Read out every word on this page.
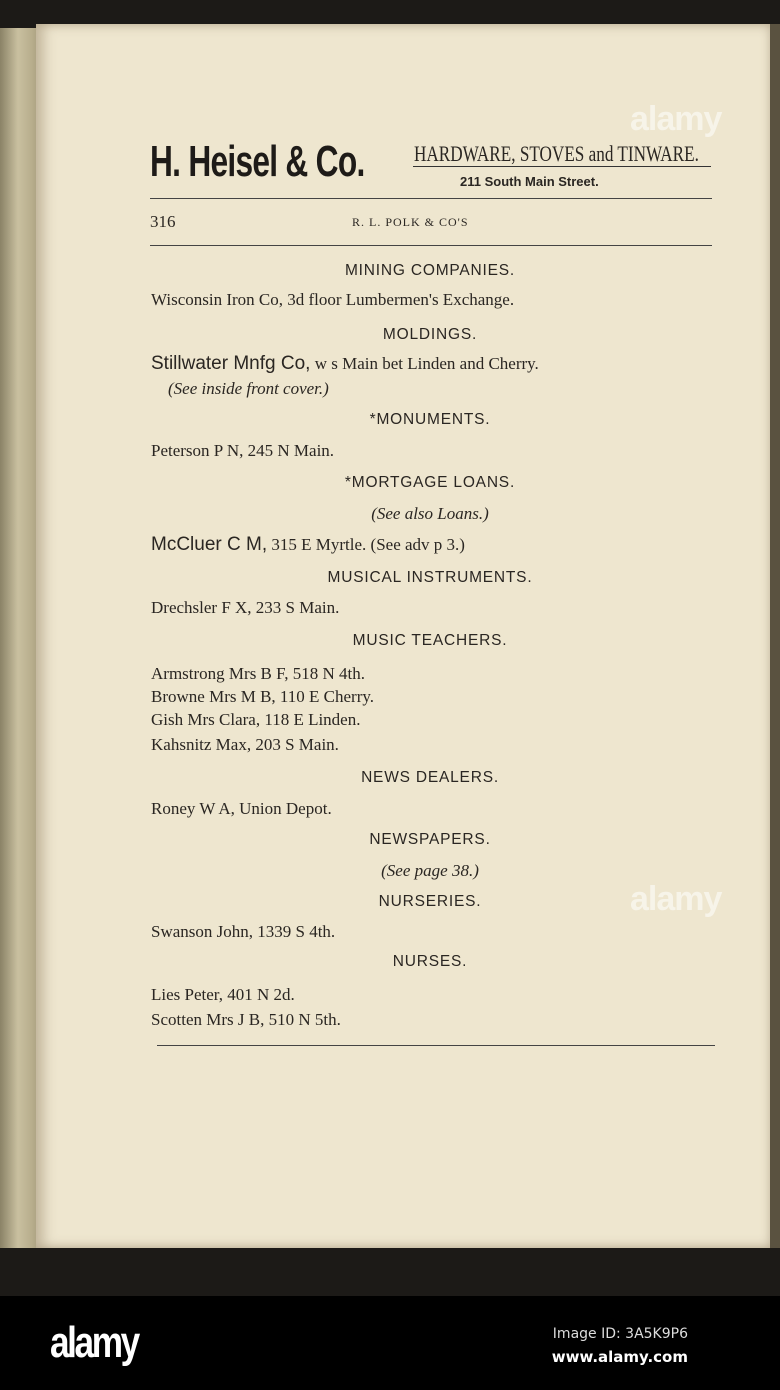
H. Heisel & Co. HARDWARE, STOVES and TINWARE.
211 South Main Street.
316	R. L. POLK & CO'S
MINING COMPANIES.
Wisconsin Iron Co, 3d floor Lumbermen's Exchange.
MOLDINGS.
Stillwater Mnfg Co, w s Main bet Linden and Cherry.
(See inside front cover.)
*MONUMENTS.
Peterson P N, 245 N Main.
*MORTGAGE LOANS.
(See also Loans.)
McCluer C M, 315 E Myrtle. (See adv p 3.)
MUSICAL INSTRUMENTS.
Drechsler F X, 233 S Main.
MUSIC TEACHERS.
Armstrong Mrs B F, 518 N 4th.
Browne Mrs M B, 110 E Cherry.
Gish Mrs Clara, 118 E Linden.
Kahsnitz Max, 203 S Main.
NEWS DEALERS.
Roney W A, Union Depot.
NEWSPAPERS.
(See page 38.)
NURSERIES.
Swanson John, 1339 S 4th.
NURSES.
Lies Peter, 401 N 2d.
Scotten Mrs J B, 510 N 5th.
alamy
alamy
alamy	Image ID: 3A5K9P6
www.alamy.com
